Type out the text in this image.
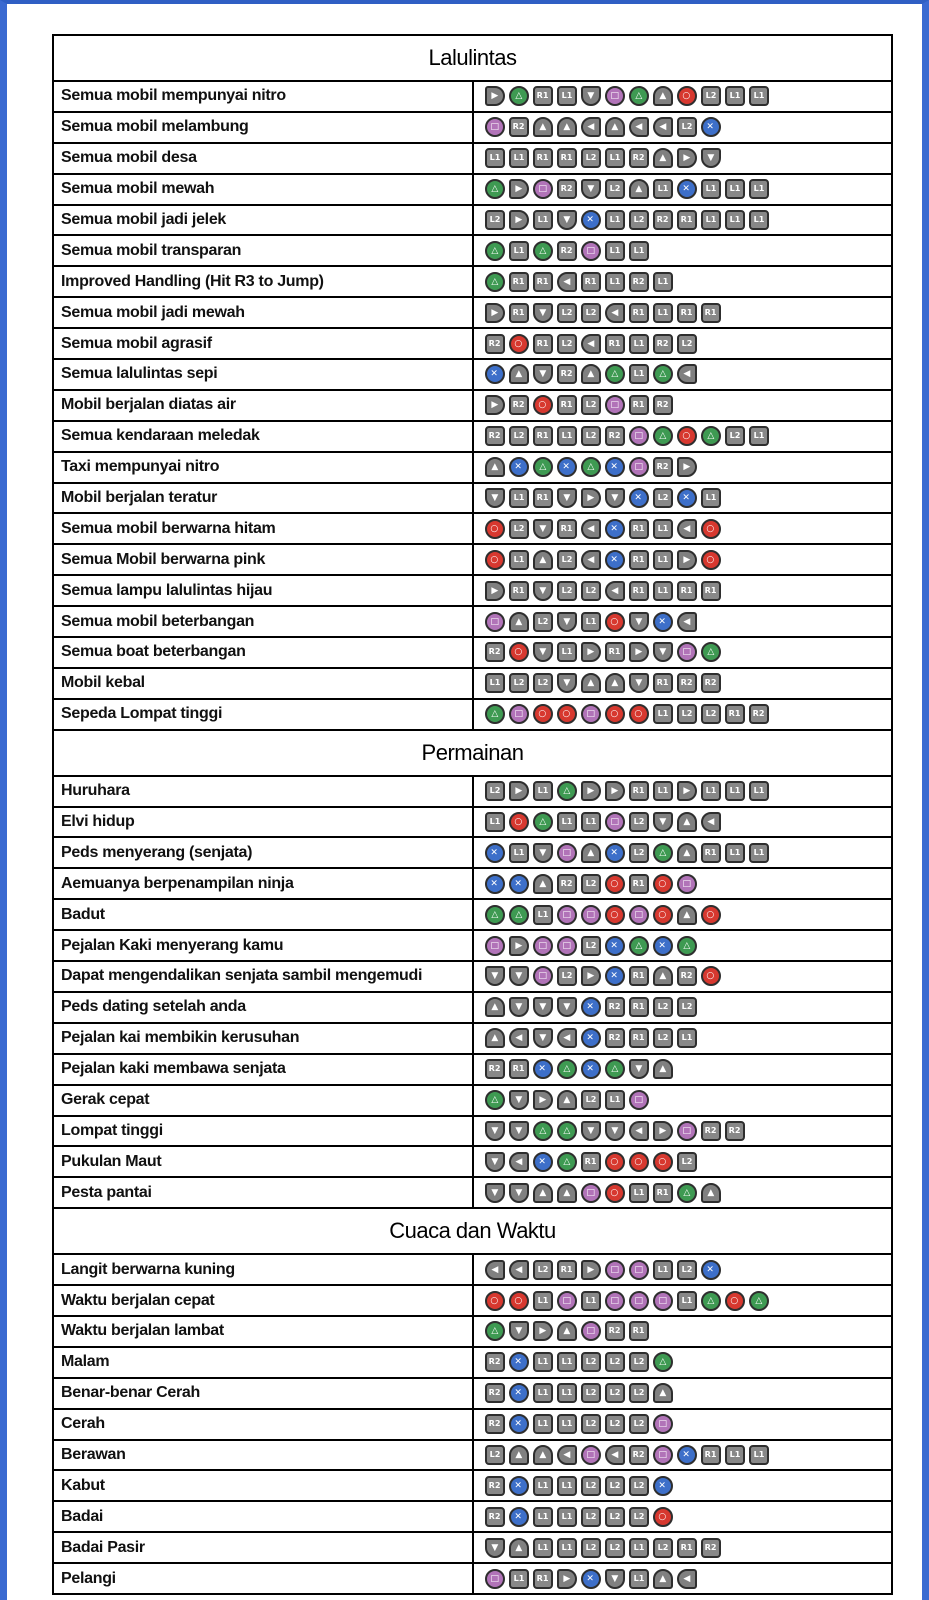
Lalulintas	
Semua mobil mempunyai nitro	▶ △ R1 L1 ▼ □ △ ▲ ○ L2 L1 L1
Semua mobil melambung	□ R2 ▲ ▲ ◀ ▲ ◀ ◀ L2 ✕
Semua mobil desa	L1 L1 R1 R1 L2 L1 R2 ▲ ▶ ▼
Semua mobil mewah	△ ▶ □ R2 ▼ L2 ▲ L1 ✕ L1 L1 L1
Semua mobil jadi jelek	L2 ▶ L1 ▼ ✕ L1 L2 R2 R1 L1 L1 L1
Semua mobil transparan	△ L1 △ R2 □ L1 L1
Improved Handling (Hit R3 to Jump)	△ R1 R1 ◀ R1 L1 R2 L1
Semua mobil jadi mewah	▶ R1 ▼ L2 L2 ◀ R1 L1 R1 R1
Semua mobil agrasif	R2 ○ R1 L2 ◀ R1 L1 R2 L2
Semua lalulintas sepi	✕ ▲ ▼ R2 ▲ △ L1 △ ◀
Mobil berjalan diatas air	▶ R2 ○ R1 L2 □ R1 R2
Semua kendaraan meledak	R2 L2 R1 L1 L2 R2 □ △ ○ △ L2 L1
Taxi mempunyai nitro	▲ ✕ △ ✕ △ ✕ □ R2 ▶
Mobil berjalan teratur	▼ L1 R1 ▼ ▶ ▼ ✕ L2 ✕ L1
Semua mobil berwarna hitam	○ L2 ▼ R1 ◀ ✕ R1 L1 ◀ ○
Semua Mobil berwarna pink	○ L1 ▲ L2 ◀ ✕ R1 L1 ▶ ○
Semua lampu lalulintas hijau	▶ R1 ▼ L2 L2 ◀ R1 L1 R1 R1
Semua mobil beterbangan	□ ▲ L2 ▼ L1 ○ ▼ ✕ ◀
Semua boat beterbangan	R2 ○ ▼ L1 ▶ R1 ▶ ▼ □ △
Mobil kebal	L1 L2 L2 ▼ ▲ ▲ ▼ R1 R2 R2
Sepeda Lompat tinggi	△ □ ○ ○ □ ○ ○ L1 L2 L2 R1 R2
Permainan	
Huruhara	L2 ▶ L1 △ ▶ ▶ R1 L1 ▶ L1 L1 L1
Elvi hidup	L1 ○ △ L1 L1 □ L2 ▼ ▲ ◀
Peds menyerang (senjata)	✕ L1 ▼ □ ▲ ✕ L2 △ ▲ R1 L1 L1
Aemuanya berpenampilan ninja	✕ ✕ ▲ R2 L2 ○ R1 ○ □
Badut	△ △ L1 □ □ ○ □ ○ ▲ ○
Pejalan Kaki menyerang kamu	□ ▶ □ □ L2 ✕ △ ✕ △
Dapat mengendalikan senjata sambil mengemudi	▼ ▼ □ L2 ▶ ✕ R1 ▲ R2 ○
Peds dating setelah anda	▲ ▼ ▼ ▼ ✕ R2 R1 L2 L2
Pejalan kai membikin kerusuhan	▲ ◀ ▼ ◀ ✕ R2 R1 L2 L1
Pejalan kaki membawa senjata	R2 R1 ✕ △ ✕ △ ▼ ▲
Gerak cepat	△ ▼ ▶ ▲ L2 L1 □
Lompat tinggi	▼ ▼ △ △ ▼ ▼ ◀ ▶ □ R2 R2
Pukulan Maut	▼ ◀ ✕ △ R1 ○ ○ ○ L2
Pesta pantai	▼ ▼ ▲ ▲ □ ○ L1 R1 △ ▲
Cuaca dan Waktu	
Langit berwarna kuning	◀ ◀ L2 R1 ▶ □ □ L1 L2 ✕
Waktu berjalan cepat	○ ○ L1 □ L1 □ □ □ L1 △ ○ △
Waktu berjalan lambat	△ ▼ ▶ ▲ □ R2 R1
Malam	R2 ✕ L1 L1 L2 L2 L2 △
Benar-benar Cerah	R2 ✕ L1 L1 L2 L2 L2 ▲
Cerah	R2 ✕ L1 L1 L2 L2 L2 □
Berawan	L2 ▲ ▲ ◀ □ ◀ R2 □ ✕ R1 L1 L1
Kabut	R2 ✕ L1 L1 L2 L2 L2 ✕
Badai	R2 ✕ L1 L1 L2 L2 L2 ○
Badai Pasir	▼ ▲ L1 L1 L2 L2 L1 L2 R1 R2
Pelangi	□ L1 R1 ▶ ✕ ▼ L1 ▲ ◀
